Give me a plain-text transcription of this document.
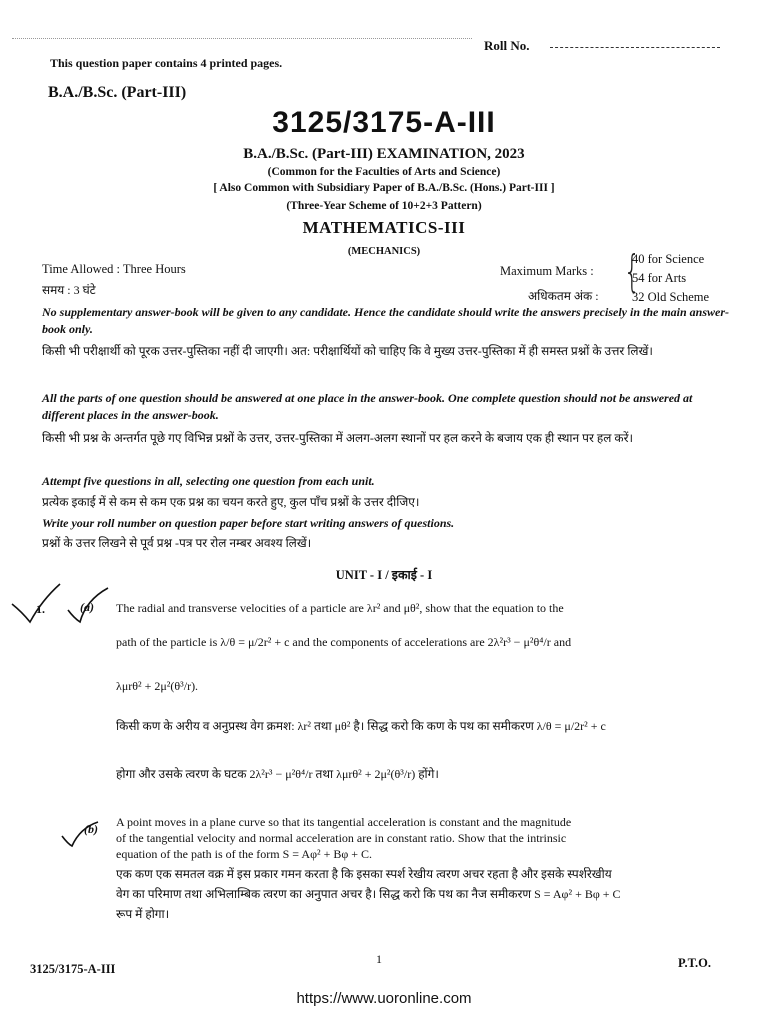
Roll No.
This question paper contains 4 printed pages.
B.A./B.Sc. (Part-III)
3125/3175-A-III
B.A./B.Sc. (Part-III) EXAMINATION, 2023
(Common for the Faculties of Arts and Science)
[ Also Common with Subsidiary Paper of B.A./B.Sc. (Hons.) Part-III ]
(Three-Year Scheme of 10+2+3 Pattern)
MATHEMATICS-III
(MECHANICS)
Time Allowed : Three Hours
समय : 3 घंटे
Maximum Marks :
अधिकतम अंक : {
40 for Science
54 for Arts
32 Old Scheme
No supplementary answer-book will be given to any candidate. Hence the candidate should write the answers precisely in the main answer-book only.
किसी भी परीक्षार्थी को पूरक उत्तर-पुस्तिका नहीं दी जाएगी। अत: परीक्षार्थियों को चाहिए कि वे मुख्य उत्तर-पुस्तिका में ही समस्त प्रश्नों के उत्तर लिखें।
All the parts of one question should be answered at one place in the answer-book. One complete question should not be answered at different places in the answer-book.
किसी भी प्रश्न के अन्तर्गत पूछे गए विभिन्न प्रश्नों के उत्तर, उत्तर-पुस्तिका में अलग-अलग स्थानों पर हल करने के बजाय एक ही स्थान पर हल करें।
Attempt five questions in all, selecting one question from each unit.
प्रत्येक इकाई में से कम से कम एक प्रश्न का चयन करते हुए, कुल पाँच प्रश्नों के उत्तर दीजिए।
Write your roll number on question paper before start writing answers of questions.
प्रश्नों के उत्तर लिखने से पूर्व प्रश्न -पत्र पर रोल नम्बर अवश्य लिखें।
UNIT - I / इकाई - I
1.	(a) The radial and transverse velocities of a particle are λr² and μθ², show that the equation to the
path of the particle is λ/θ = μ/2r² + c and the components of accelerations are 2λ²r³ − μ²θ⁴/r and
λμrθ² + 2μ²(θ³/r).
किसी कण के अरीय व अनुप्रस्थ वेग क्रमश: λr² तथा μθ² है। सिद्ध करो कि कण के पथ का समीकरण λ/θ = μ/2r² + c
होगा और उसके त्वरण के घटक 2λ²r³ − μ²θ⁴/r तथा λμrθ² + 2μ²(θ³/r) होंगे।
(b) A point moves in a plane curve so that its tangential acceleration is constant and the magnitude
of the tangential velocity and normal acceleration are in constant ratio. Show that the intrinsic
equation of the path is of the form S = Aφ² + Bφ + C.
एक कण एक समतल वक्र में इस प्रकार गमन करता है कि इसका स्पर्श रेखीय त्वरण अचर रहता है और इसके स्पर्शरेखीय
वेग का परिमाण तथा अभिलाम्बिक त्वरण का अनुपात अचर है। सिद्ध करो कि पथ का नैज समीकरण S = Aφ² + Bφ + C
रूप में होगा।
1
3125/3175-A-III	P.T.O.
https://www.uoronline.com
